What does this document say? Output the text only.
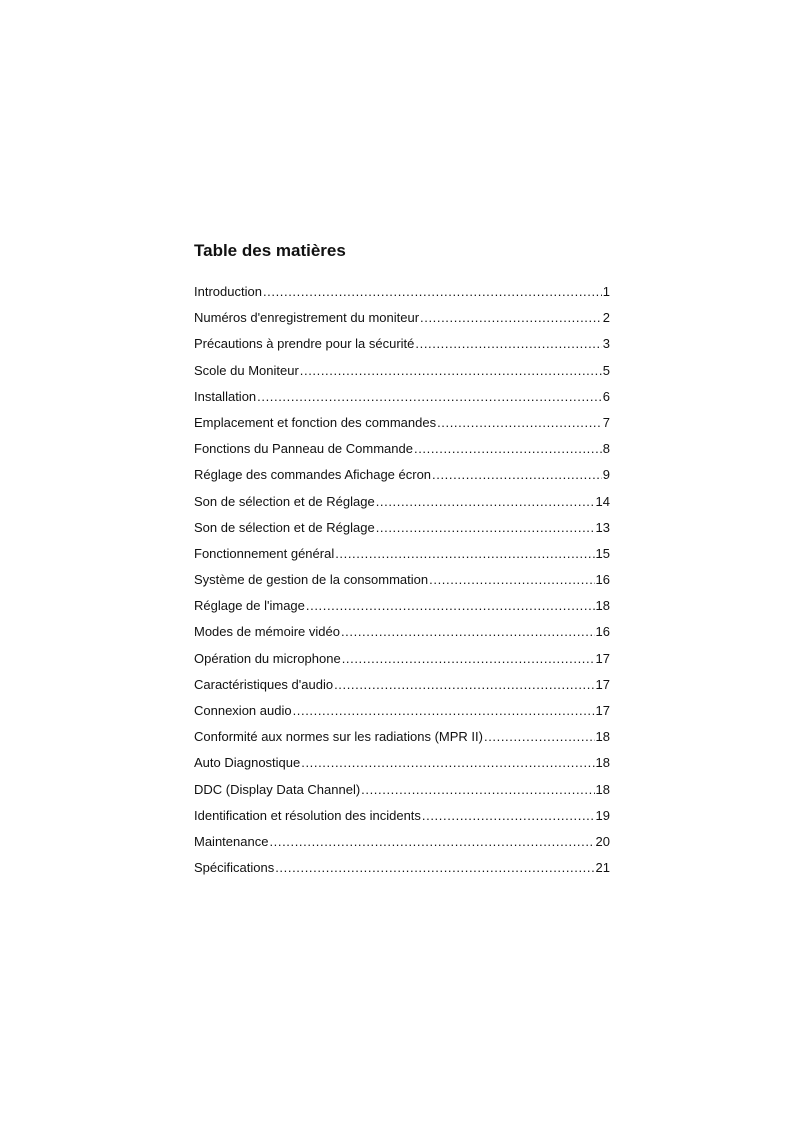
Table des matières
Introduction .....	1
Numéros d'enregistrement du moniteur .....	2
Précautions à prendre pour la sécurité .....	3
Scole du Moniteur .....	5
Installation .....	6
Emplacement et fonction des commandes .....	7
Fonctions du Panneau de Commande .....	8
Réglage des commandes Afichage écron .....	9
Son de sélection et de Réglage .....	14
Son de sélection et de Réglage .....	13
Fonctionnement général .....	15
Système de gestion de la consommation .....	16
Réglage de l'image .....	18
Modes de mémoire vidéo .....	16
Opération du microphone .....	17
Caractéristiques d'audio .....	17
Connexion audio .....	17
Conformité aux normes sur les radiations (MPR II) .....	18
Auto Diagnostique .....	18
DDC (Display Data Channel) .....	18
Identification et résolution des incidents .....	19
Maintenance .....	20
Spécifications .....	21
